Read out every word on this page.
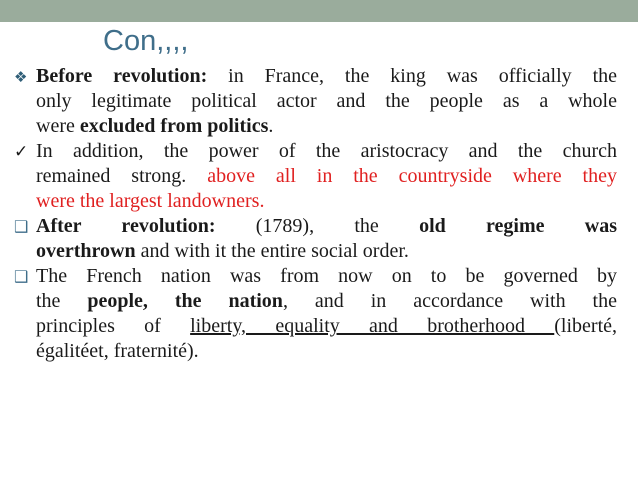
Con,,,,
❖ Before revolution: in France, the king was officially the
only legitimate political actor and the people as a whole
were excluded from politics.
✓ In addition, the power of the aristocracy and the church
remained strong. above all in the countryside where they
were the largest landowners.
❑ After revolution: (1789), the old regime was
overthrown and with it the entire social order.
❑ The French nation was from now on to be governed by
the people, the nation, and in accordance with the
principles of liberty, equality and brotherhood (liberté,
égalitéet, fraternité).
